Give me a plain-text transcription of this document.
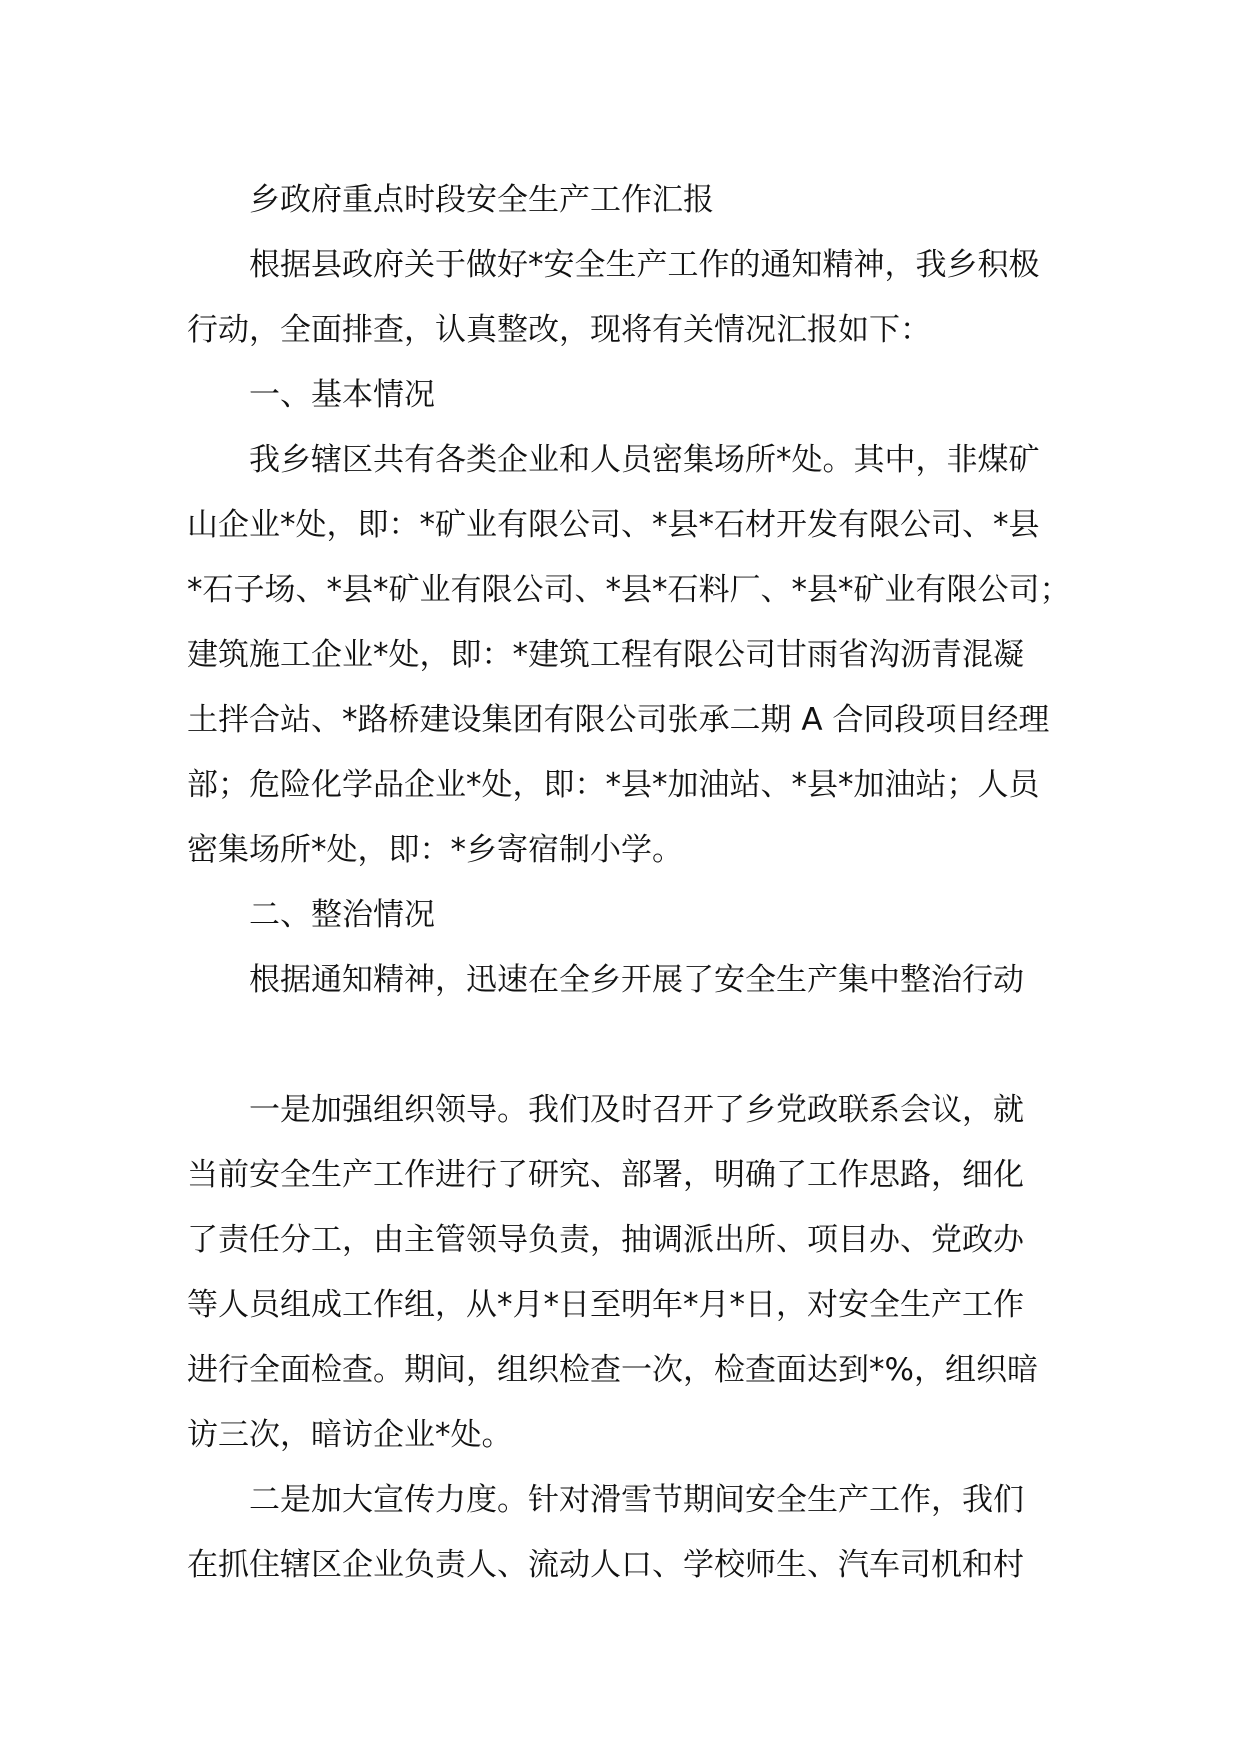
乡政府重点时段安全生产工作汇报
根据县政府关于做好*安全生产工作的通知精神，我乡积极
行动，全面排查，认真整改，现将有关情况汇报如下：
一、基本情况
我乡辖区共有各类企业和人员密集场所*处。其中，非煤矿
山企业*处，即：*矿业有限公司、*县*石材开发有限公司、*县
*石子场、*县*矿业有限公司、*县*石料厂、*县*矿业有限公司；
建筑施工企业*处，即：*建筑工程有限公司甘雨省沟沥青混凝
土拌合站、*路桥建设集团有限公司张承二期 A 合同段项目经理
部；危险化学品企业*处，即：*县*加油站、*县*加油站；人员
密集场所*处，即：*乡寄宿制小学。
二、整治情况
根据通知精神，迅速在全乡开展了安全生产集中整治行动
一是加强组织领导。我们及时召开了乡党政联系会议，就
当前安全生产工作进行了研究、部署，明确了工作思路，细化
了责任分工，由主管领导负责，抽调派出所、项目办、党政办
等人员组成工作组，从*月*日至明年*月*日，对安全生产工作
进行全面检查。期间，组织检查一次，检查面达到*%，组织暗
访三次，暗访企业*处。
二是加大宣传力度。针对滑雪节期间安全生产工作，我们
在抓住辖区企业负责人、流动人口、学校师生、汽车司机和村
